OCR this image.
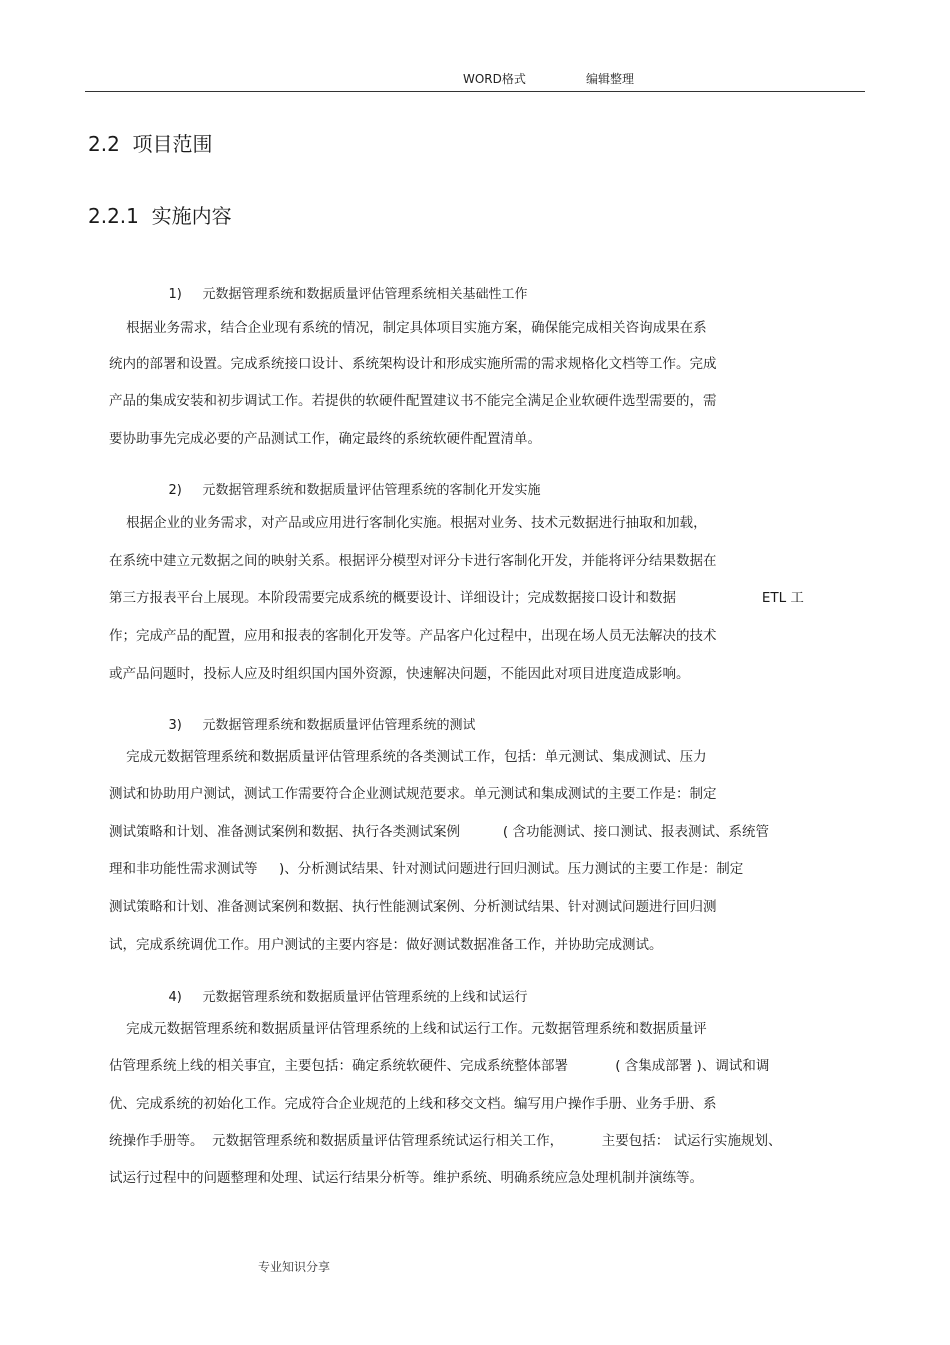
WORD格式	编辑整理
2.2  项目范围
2.2.1  实施内容

1) 元数据管理系统和数据质量评估管理系统相关基础性工作

根据业务需求，结合企业现有系统的情况，制定具体项目实施方案，确保能完成相关咨询成果在系
统内的部署和设置。完成系统接口设计、系统架构设计和形成实施所需的需求规格化文档等工作。完成
产品的集成安装和初步调试工作。若提供的软硬件配置建议书不能完全满足企业软硬件选型需要的，需
要协助事先完成必要的产品测试工作，确定最终的系统软硬件配置清单。

2) 元数据管理系统和数据质量评估管理系统的客制化开发实施

根据企业的业务需求，对产品或应用进行客制化实施。根据对业务、技术元数据进行抽取和加载，
在系统中建立元数据之间的映射关系。根据评分模型对评分卡进行客制化开发，并能将评分结果数据在
第三方报表平台上展现。本阶段需要完成系统的概要设计、详细设计；完成数据接口设计和数据                    ETL 工
作；完成产品的配置，应用和报表的客制化开发等。产品客户化过程中，出现在场人员无法解决的技术
或产品问题时，投标人应及时组织国内国外资源，快速解决问题，不能因此对项目进度造成影响。

3) 元数据管理系统和数据质量评估管理系统的测试

完成元数据管理系统和数据质量评估管理系统的各类测试工作，包括：单元测试、集成测试、压力
测试和协助用户测试，测试工作需要符合企业测试规范要求。单元测试和集成测试的主要工作是：制定
测试策略和计划、准备测试案例和数据、执行各类测试案例          ( 含功能测试、接口测试、报表测试、系统管
理和非功能性需求测试等     )、分析测试结果、针对测试问题进行回归测试。压力测试的主要工作是：制定
测试策略和计划、准备测试案例和数据、执行性能测试案例、分析测试结果、针对测试问题进行回归测
试，完成系统调优工作。用户测试的主要内容是：做好测试数据准备工作，并协助完成测试。

4) 元数据管理系统和数据质量评估管理系统的上线和试运行

完成元数据管理系统和数据质量评估管理系统的上线和试运行工作。元数据管理系统和数据质量评
估管理系统上线的相关事宜，主要包括：确定系统软硬件、完成系统整体部署           ( 含集成部署 )、调试和调
优、完成系统的初始化工作。完成符合企业规范的上线和移交文档。编写用户操作手册、业务手册、系
统操作手册等。  元数据管理系统和数据质量评估管理系统试运行相关工作，         主要包括： 试运行实施规划、
试运行过程中的问题整理和处理、试运行结果分析等。维护系统、明确系统应急处理机制并演练等。
专业知识分享
